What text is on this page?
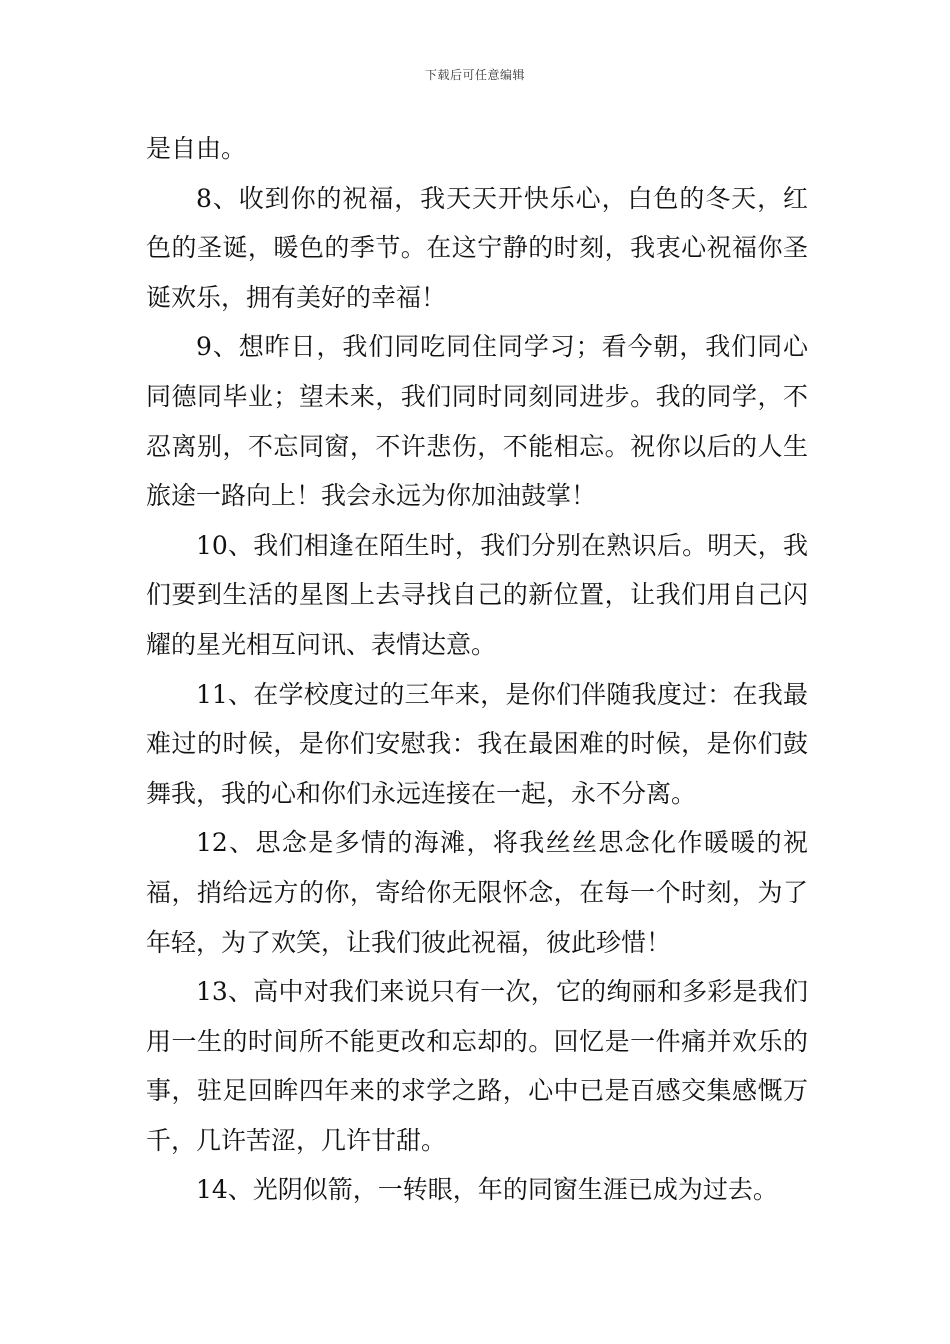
下载后可任意编辑

是自由。

8、收到你的祝福，我天天开快乐心，白色的冬天，红色的圣诞，暖色的季节。在这宁静的时刻，我衷心祝福你圣诞欢乐，拥有美好的幸福！

9、想昨日，我们同吃同住同学习；看今朝，我们同心同德同毕业；望未来，我们同时同刻同进步。我的同学，不忍离别，不忘同窗，不许悲伤，不能相忘。祝你以后的人生旅途一路向上！我会永远为你加油鼓掌！

10、我们相逢在陌生时，我们分别在熟识后。明天，我们要到生活的星图上去寻找自己的新位置，让我们用自己闪耀的星光相互问讯、表情达意。

11、在学校度过的三年来，是你们伴随我度过：在我最难过的时候，是你们安慰我：我在最困难的时候，是你们鼓舞我，我的心和你们永远连接在一起，永不分离。

12、思念是多情的海滩，将我丝丝思念化作暖暖的祝福，捎给远方的你，寄给你无限怀念，在每一个时刻，为了年轻，为了欢笑，让我们彼此祝福，彼此珍惜！

13、高中对我们来说只有一次，它的绚丽和多彩是我们用一生的时间所不能更改和忘却的。回忆是一件痛并欢乐的事，驻足回眸四年来的求学之路，心中已是百感交集感慨万千，几许苦涩，几许甘甜。

14、光阴似箭，一转眼，年的同窗生涯已成为过去。
